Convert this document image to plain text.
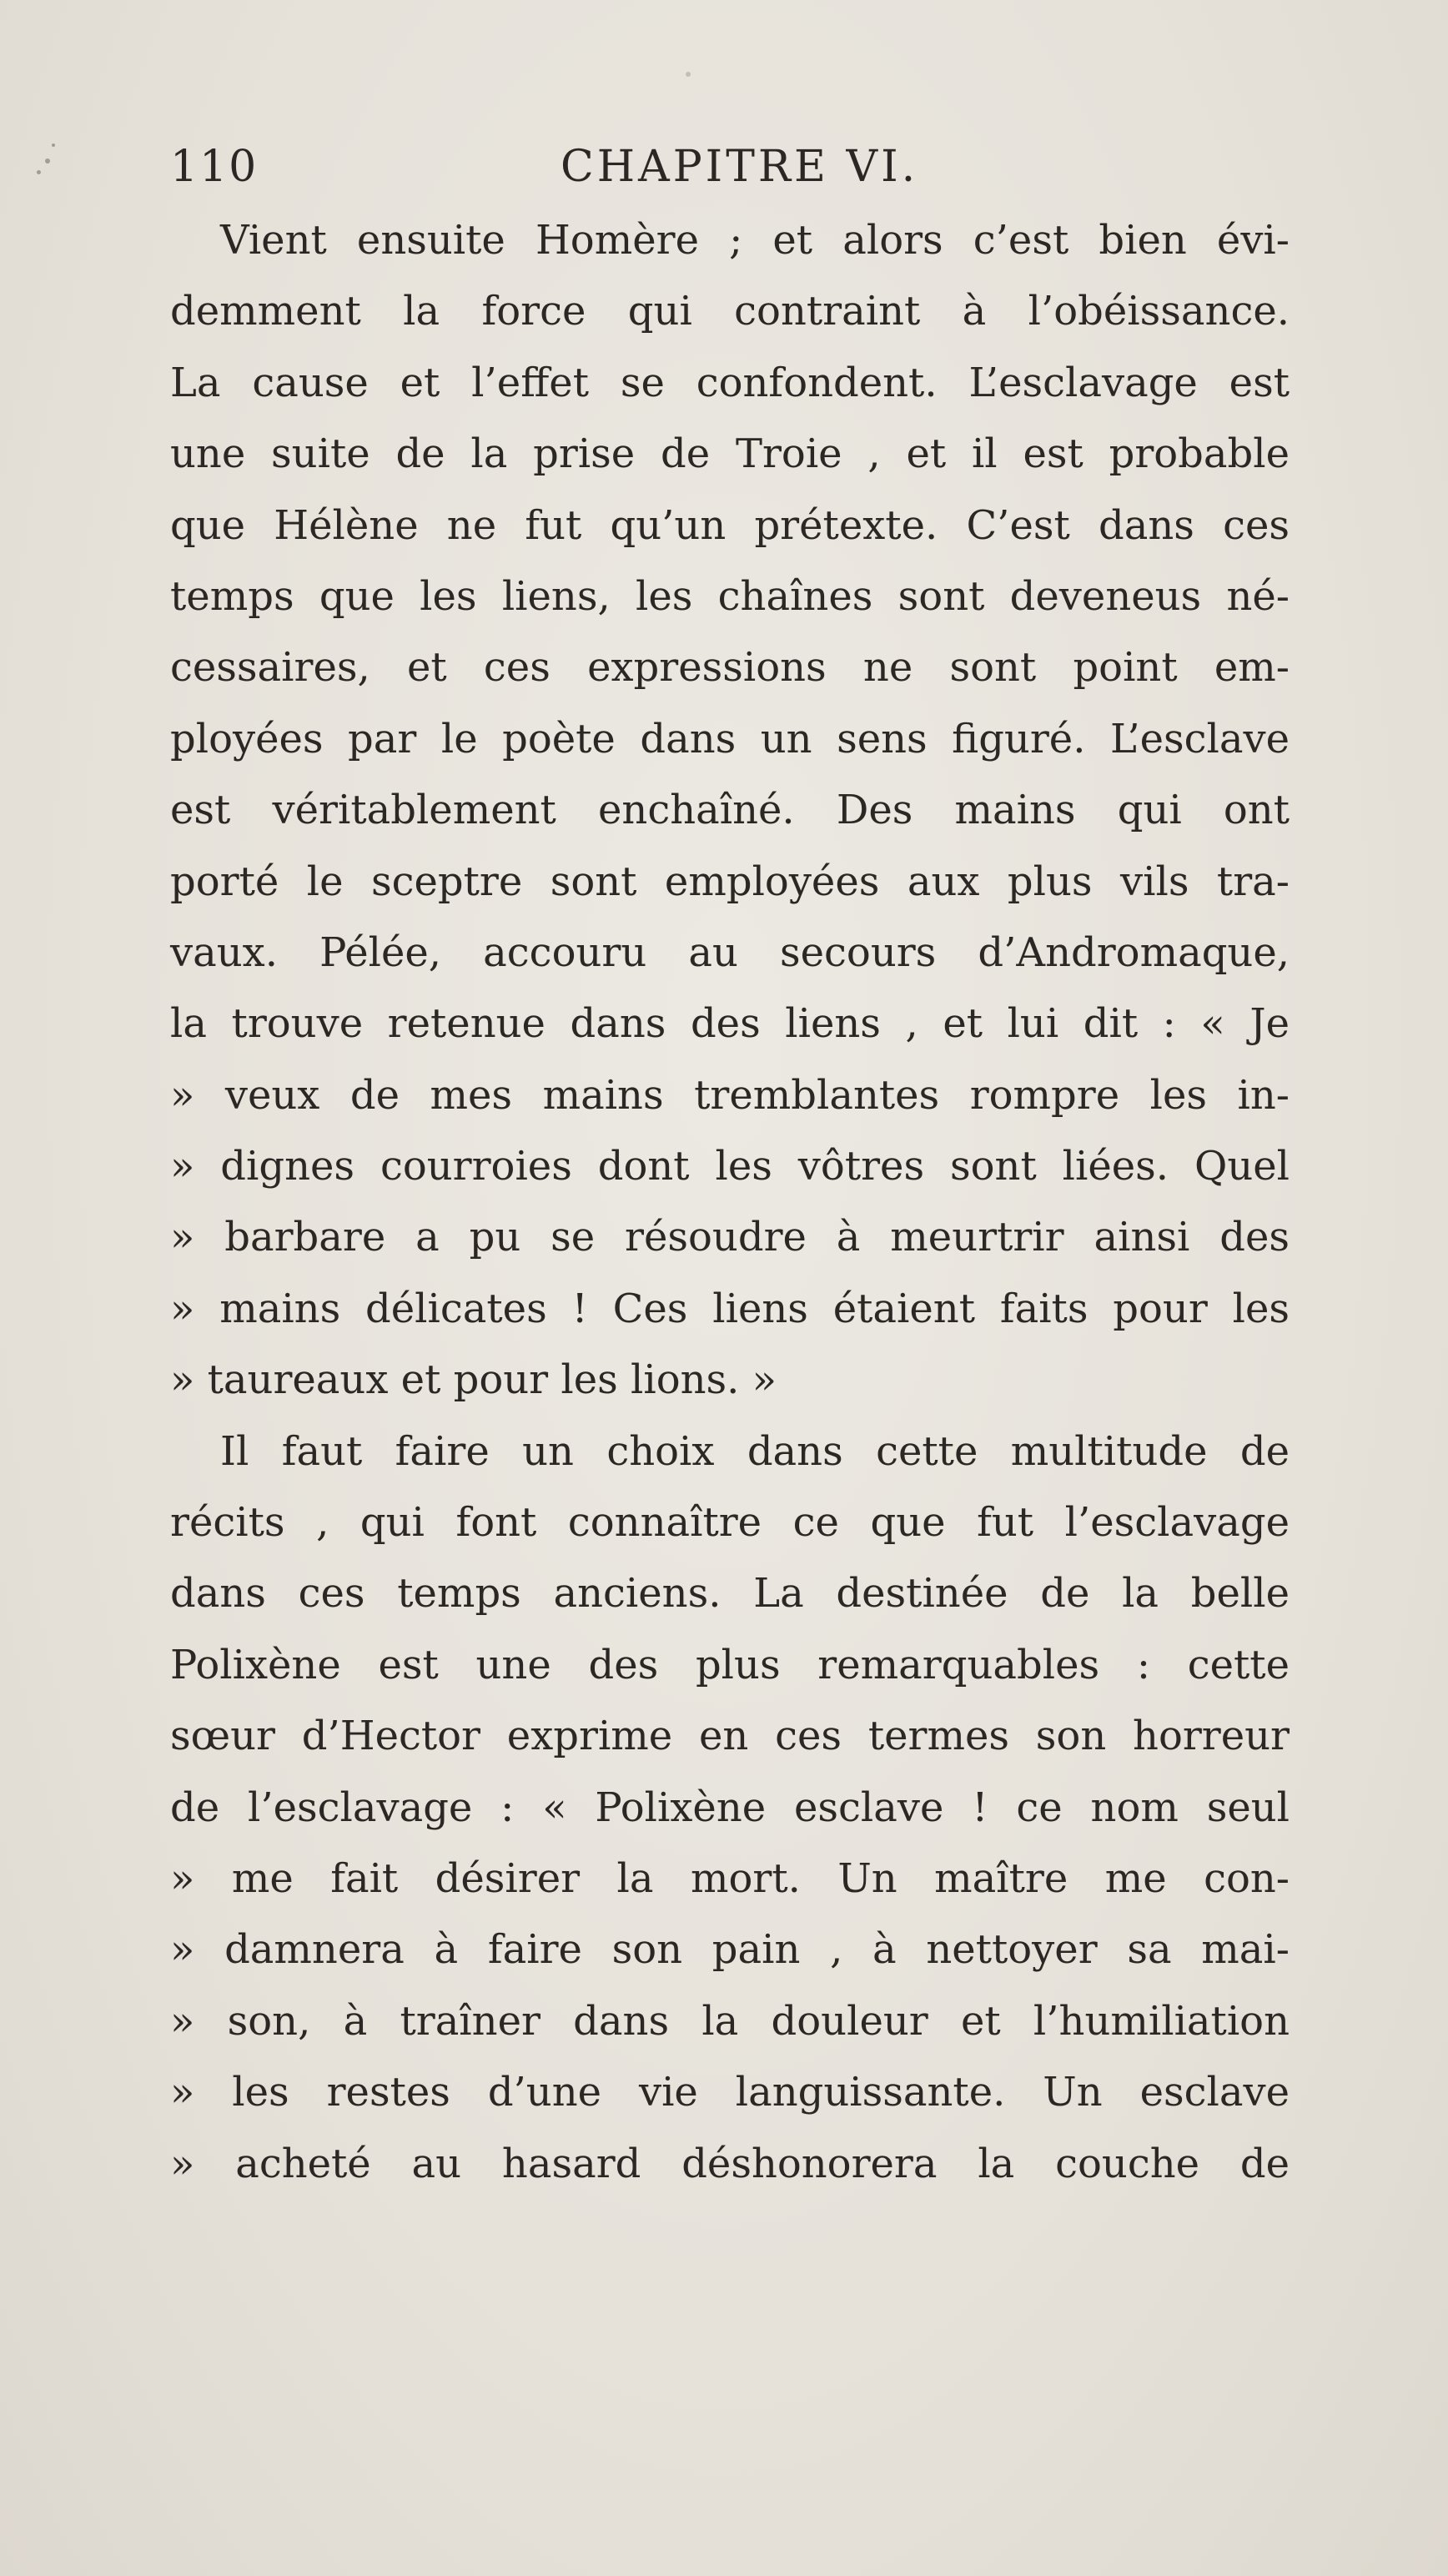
110	CHAPITRE VI.
Vient ensuite Homère ; et alors c’est bien évi-
demment la force qui contraint à l’obéissance.
La cause et l’effet se confondent. L’esclavage est
une suite de la prise de Troie , et il est probable
que Hélène ne fut qu’un prétexte. C’est dans ces
temps que les liens, les chaînes sont deveneus né-
cessaires, et ces expressions ne sont point em-
ployées par le poète dans un sens figuré. L’esclave
est véritablement enchaîné. Des mains qui ont
porté le sceptre sont employées aux plus vils tra-
vaux. Pélée, accouru au secours d’Andromaque,
la trouve retenue dans des liens , et lui dit : « Je
» veux de mes mains tremblantes rompre les in-
» dignes courroies dont les vôtres sont liées. Quel
» barbare a pu se résoudre à meurtrir ainsi des
» mains délicates ! Ces liens étaient faits pour les
» taureaux et pour les lions. »
Il faut faire un choix dans cette multitude de
récits , qui font connaître ce que fut l’esclavage
dans ces temps anciens. La destinée de la belle
Polixène est une des plus remarquables : cette
sœur d’Hector exprime en ces termes son horreur
de l’esclavage : « Polixène esclave ! ce nom seul
» me fait désirer la mort. Un maître me con-
» damnera à faire son pain , à nettoyer sa mai-
» son, à traîner dans la douleur et l’humiliation
» les restes d’une vie languissante. Un esclave
» acheté au hasard déshonorera la couche de
